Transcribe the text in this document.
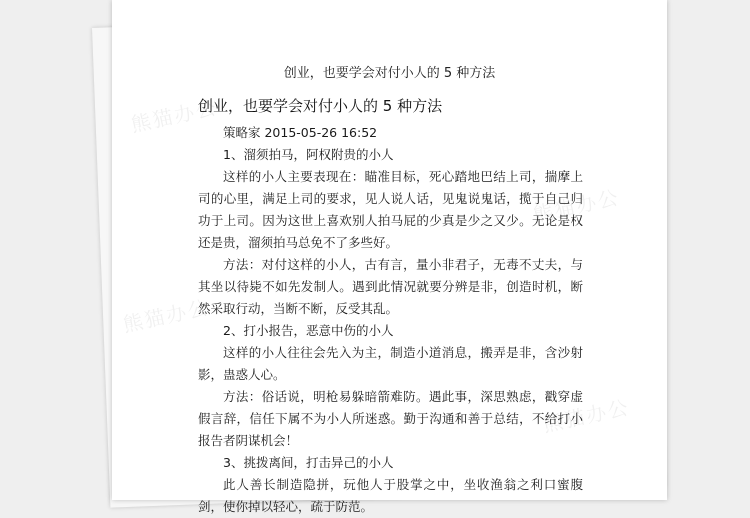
熊猫办公
熊猫办公
熊猫办公
熊猫办公
创业，也要学会对付小人的 5 种方法
创业，也要学会对付小人的 5 种方法

策略家 2015-05-26 16:52

1、溜须拍马，阿权附贵的小人

这样的小人主要表现在：瞄准目标，死心踏地巴结上司，揣摩上司的心里，满足上司的要求，见人说人话，见鬼说鬼话，揽于自己归功于上司。因为这世上喜欢别人拍马屁的少真是少之又少。无论是权还是贵，溜须拍马总免不了多些好。

方法：对付这样的小人，古有言，量小非君子，无毒不丈夫，与其坐以待毙不如先发制人。遇到此情况就要分辨是非，创造时机，断然采取行动，当断不断，反受其乱。

2、打小报告，恶意中伤的小人

这样的小人往往会先入为主，制造小道消息，搬弄是非，含沙射影，蛊惑人心。

方法：俗话说，明枪易躲暗箭难防。遇此事，深思熟虑，戳穿虚假言辞，信任下属不为小人所迷惑。勤于沟通和善于总结，不给打小报告者阴谋机会！

3、挑拨离间，打击异己的小人

此人善长制造隐拼，玩他人于股掌之中，坐收渔翁之利口蜜腹剑，使你掉以轻心，疏于防范。
